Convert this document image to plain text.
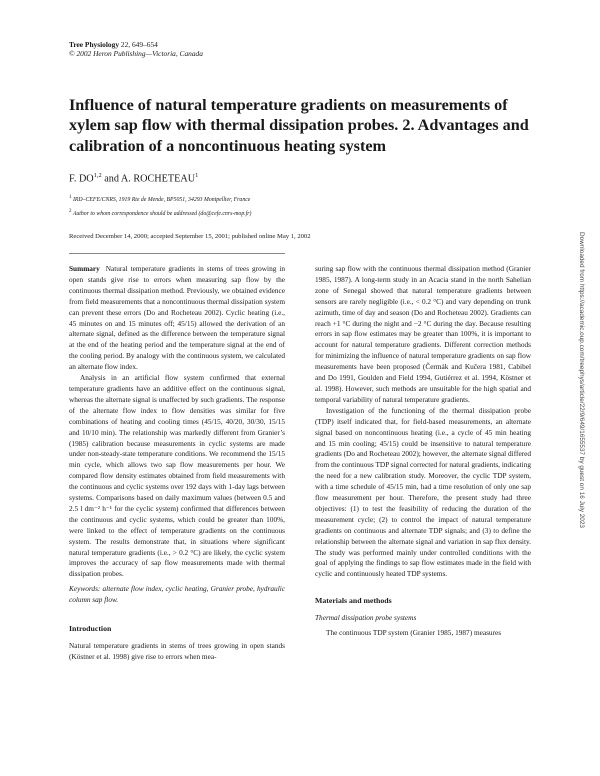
Tree Physiology 22, 649–654
© 2002 Heron Publishing—Victoria, Canada
Influence of natural temperature gradients on measurements of xylem sap flow with thermal dissipation probes. 2. Advantages and calibration of a noncontinuous heating system
F. DO$^{1,2}$ and A. ROCHETEAU$^1$
$^1$ IRD–CEFE/CNRS, 1919 Rte de Mende, BP5051, 34293 Montpellier, France
$^2$ Author to whom correspondence should be addressed (do@cefe.cnrs-mop.fr)
Received December 14, 2000; accepted September 15, 2001; published online May 1, 2002

Summary Natural temperature gradients in stems of trees growing in open stands give rise to errors when measuring sap flow by the continuous thermal dissipation method. Previously, we obtained evidence from field measurements that a noncontinuous thermal dissipation system can prevent these errors (Do and Rocheteau 2002). Cyclic heating (i.e., 45 minutes on and 15 minutes off; 45/15) allowed the derivation of an alternate signal, defined as the difference between the temperature signal at the end of the heating period and the temperature signal at the end of the cooling period. By analogy with the continuous system, we calculated an alternate flow index.

Analysis in an artificial flow system confirmed that external temperature gradients have an additive effect on the continuous signal, whereas the alternate signal is unaffected by such gradients. The response of the alternate flow index to flow densities was similar for five combinations of heating and cooling times (45/15, 40/20, 30/30, 15/15 and 10/10 min). The relationship was markedly different from Granier’s (1985) calibration because measurements in cyclic systems are made under non-steady-state temperature conditions. We recommend the 15/15 min cycle, which allows two sap flow measurements per hour. We compared flow density estimates obtained from field measurements with the continuous and cyclic systems over 192 days with 1-day lags between systems. Comparisons based on daily maximum values (between 0.5 and 2.5 l dm⁻² h⁻¹ for the cyclic system) confirmed that differences between the continuous and cyclic systems, which could be greater than 100%, were linked to the effect of temperature gradients on the continuous system. The results demonstrate that, in situations where significant natural temperature gradients (i.e., > 0.2 °C) are likely, the cyclic system improves the accuracy of sap flow measurements made with thermal dissipation probes.

Keywords: alternate flow index, cyclic heating, Granier probe, hydraulic column sap flow.

Introduction

Natural temperature gradients in stems of trees growing in open stands (Köstner et al. 1998) give rise to errors when mea-

suring sap flow with the continuous thermal dissipation method (Granier 1985, 1987). A long-term study in an Acacia stand in the north Sahelian zone of Senegal showed that natural temperature gradients between sensors are rarely negligible (i.e., < 0.2 °C) and vary depending on trunk azimuth, time of day and season (Do and Rocheteau 2002). Gradients can reach +1 °C during the night and −2 °C during the day. Because resulting errors in sap flow estimates may be greater than 100%, it is important to account for natural temperature gradients. Different correction methods for minimizing the influence of natural temperature gradients on sap flow measurements have been proposed (Čermák and Kučera 1981, Cabibel and Do 1991, Goulden and Field 1994, Gutiérrez et al. 1994, Köstner et al. 1998). However, such methods are unsuitable for the high spatial and temporal variability of natural temperature gradients.

Investigation of the functioning of the thermal dissipation probe (TDP) itself indicated that, for field-based measurements, an alternate signal based on noncontinuous heating (i.e., a cycle of 45 min heating and 15 min cooling; 45/15) could be insensitive to natural temperature gradients (Do and Rocheteau 2002); however, the alternate signal differed from the continuous TDP signal corrected for natural gradients, indicating the need for a new calibration study. Moreover, the cyclic TDP system, with a time schedule of 45/15 min, had a time resolution of only one sap flow measurement per hour. Therefore, the present study had three objectives: (1) to test the feasibility of reducing the duration of the measurement cycle; (2) to control the impact of natural temperature gradients on continuous and alternate TDP signals; and (3) to define the relationship between the alternate signal and variation in sap flux density. The study was performed mainly under controlled conditions with the goal of applying the findings to sap flow estimates made in the field with cyclic and continuously heated TDP systems.

Materials and methods
Thermal dissipation probe systems

The continuous TDP system (Granier 1985, 1987) measures

Downloaded from https://academic.oup.com/treephys/article/22/9/649/1655537 by guest on 16 July 2023
